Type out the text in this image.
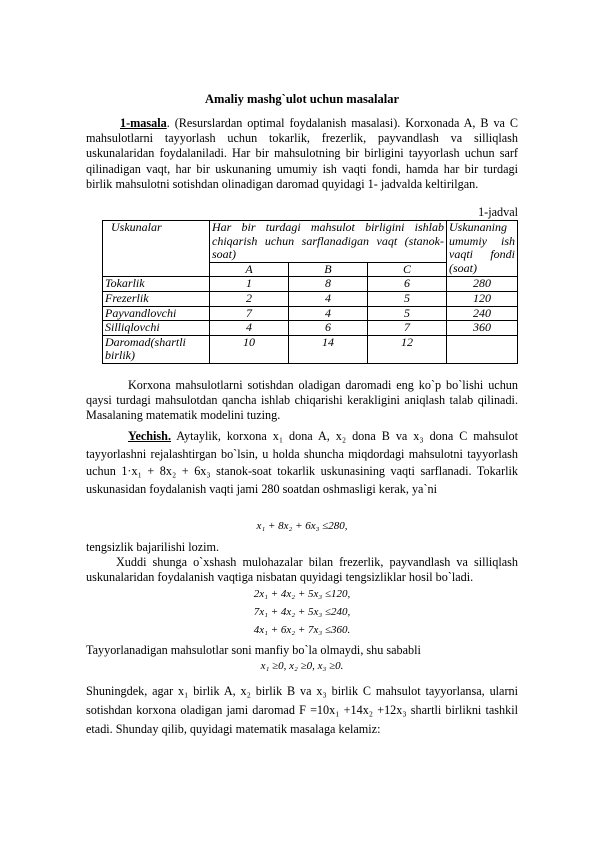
Amaliy mashg`ulot uchun masalalar

1-masala. (Resurslardan optimal foydalanish masalasi). Korxonada A, B va C mahsulotlarni tayyorlash uchun tokarlik, frezerlik, payvandlash va silliqlash uskunalaridan foydalaniladi. Har bir mahsulotning bir birligini tayyorlash uchun sarf qilinadigan vaqt, har bir uskunaning umumiy ish vaqti fondi, hamda har bir turdagi birlik mahsulotni sotishdan olinadigan daromad quyidagi 1- jadvalda keltirilgan.

1-jadval
Uskunalar	Har bir turdagi mahsulot birligini ishlab chiqarish uchun sarflanadigan vaqt (stanok-soat)			Uskunaning umumiy ish vaqti fondi (soat)
	A	B	C	
Tokarlik	1	8	6	280
Frezerlik	2	4	5	120
Payvandlovchi	7	4	5	240
Silliqlovchi	4	6	7	360
Daromad(shartli birlik)	10	14	12	

Korxona mahsulotlarni sotishdan oladigan daromadi eng ko`p bo`lishi uchun qaysi turdagi mahsulotdan qancha ishlab chiqarishi kerakligini aniqlash talab qilinadi. Masalaning matematik modelini tuzing.

Yechish. Aytaylik, korxona x₁ dona A, x₂ dona B va x₃ dona C mahsulot tayyorlashni rejalashtirgan bo`lsin, u holda shuncha miqdordagi mahsulotni tayyorlash uchun 1·x₁ + 8x₂ + 6x₃ stanok-soat tokarlik uskunasining vaqti sarflanadi. Tokarlik uskunasidan foydalanish vaqti jami 280 soatdan oshmasligi kerak, ya`ni

x₁ + 8x₂ + 6x₃ ≤280,

tengsizlik bajarilishi lozim.

Xuddi shunga o`xshash mulohazalar bilan frezerlik, payvandlash va silliqlash uskunalaridan foydalanish vaqtiga nisbatan quyidagi tengsizliklar hosil bo`ladi.

2x₁ + 4x₂ + 5x₃ ≤120,
7x₁ + 4x₂ + 5x₃ ≤240,
4x₁ + 6x₂ + 7x₃ ≤360.

Tayyorlanadigan mahsulotlar soni manfiy bo`la olmaydi, shu sababli

x₁ ≥0, x₂ ≥0, x₃ ≥0.

Shuningdek, agar x₁ birlik A, x₂ birlik B va x₃ birlik C mahsulot tayyorlansa, ularni sotishdan korxona oladigan jami daromad F =10x₁ +14x₂ +12x₃ shartli birlikni tashkil etadi. Shunday qilib, quyidagi matematik masalaga kelamiz:
